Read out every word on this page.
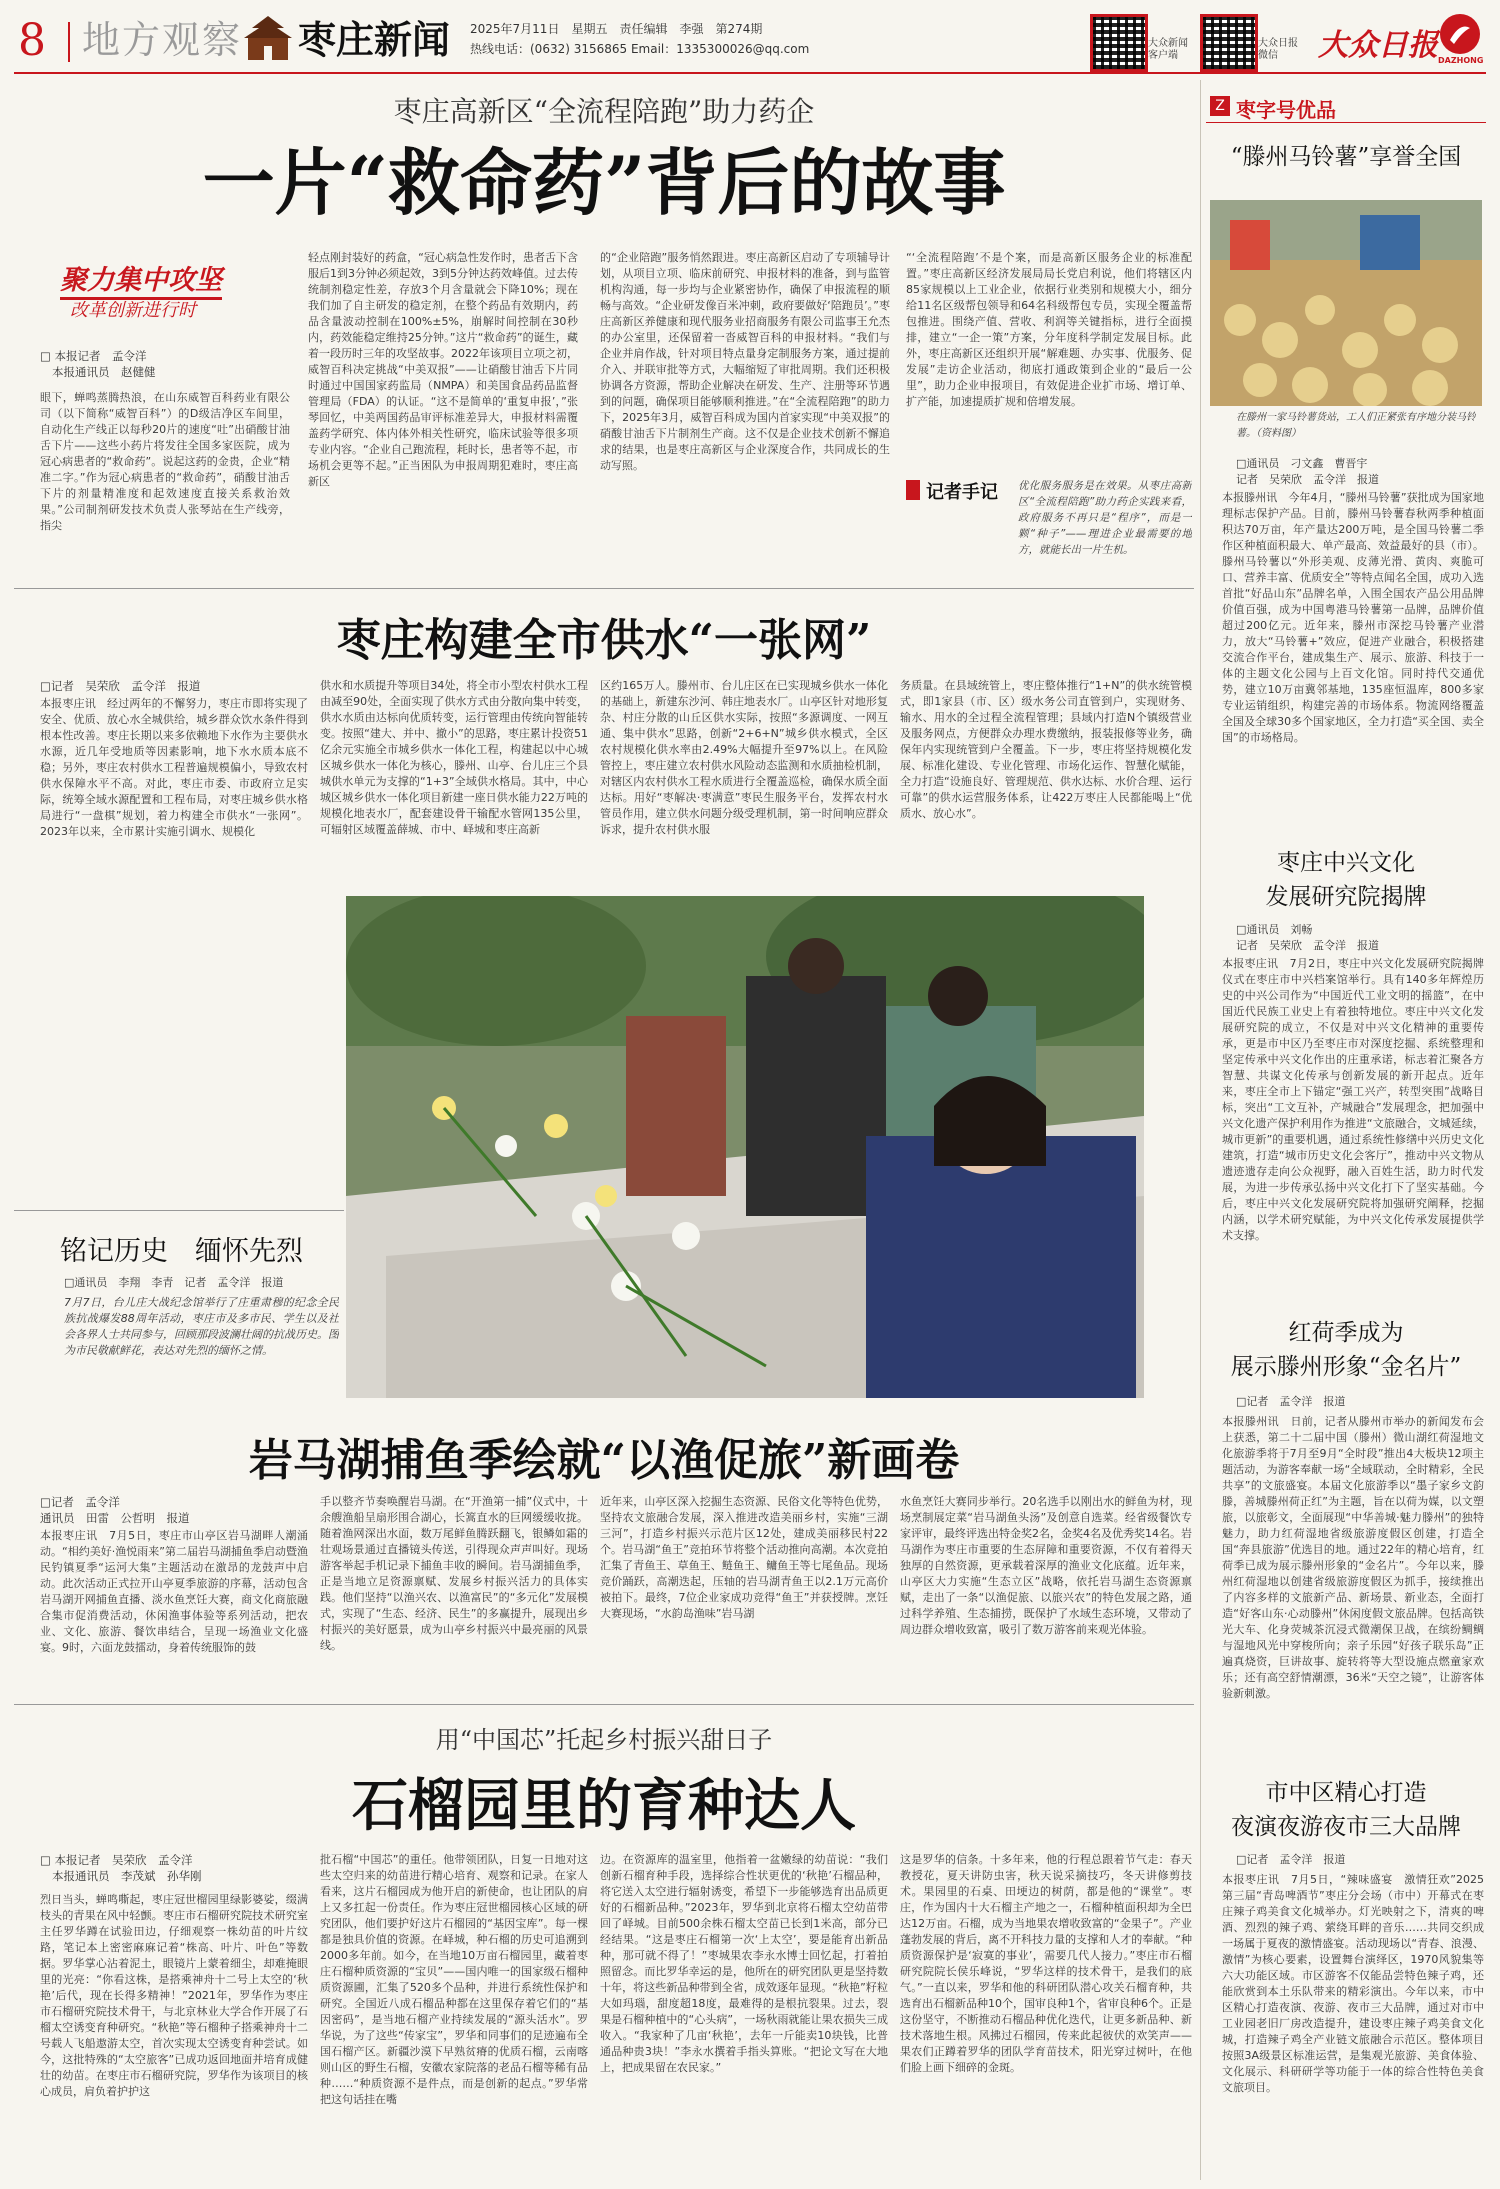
8 地方观察 枣庄新闻 2025年7月11日　星期五　责任编辑　李强　第274期
热线电话：(0632) 3156865 Email：1335300026@qq.com	大众新闻客户端
大众日报微信	大众日报 DAZHONG
枣庄高新区“全流程陪跑”助力药企
一片“救命药”背后的故事
聚力集中攻坚
改革创新进行时
□ 本报记者　孟令洋
本报通讯员　赵健健
眼下，蝉鸣蒸腾热浪，在山东威智百科药业有限公司（以下简称“威智百科”）的D级洁净区车间里，自动化生产线正以每秒20片的速度“吐”出硝酸甘油舌下片——这些小药片将发往全国多家医院，成为冠心病患者的“救命药”。说起这药的金贵，企业“精准二字。”作为冠心病患者的“救命药”，硝酸甘油舌下片的剂量精准度和起效速度直接关系救治效果。”公司制剂研发技术负责人张琴站在生产线旁，指尖
轻点刚封装好的药盒，“冠心病急性发作时，患者舌下含服后1到3分钟必须起效，3到5分钟达药效峰值。过去传统制剂稳定性差，存放3个月含量就会下降10%；现在我们加了自主研发的稳定剂，在整个药品有效期内，药品含量波动控制在100%±5%，崩解时间控制在30秒内，药效能稳定维持25分钟。”这片“救命药”的诞生，藏着一段历时三年的攻坚故事。2022年该项目立项之初，威智百科决定挑战“中美双报”——让硝酸甘油舌下片同时通过中国国家药监局（NMPA）和美国食品药品监督管理局（FDA）的认证。“这不是简单的‘重复申报’，”张琴回忆，中美两国药品审评标准差异大，申报材料需覆盖药学研究、体内体外相关性研究，临床试验等很多项专业内容。“企业自己跑流程，耗时长，患者等不起，市场机会更等不起。”正当困队为申报周期犯难时，枣庄高新区
的“企业陪跑”服务悄然跟进。枣庄高新区启动了专项辅导计划，从项目立项、临床前研究、申报材料的准备，到与监管机构沟通，每一步均与企业紧密协作，确保了申报流程的顺畅与高效。“企业研发像百米冲刺，政府要做好‘陪跑员’。”枣庄高新区养健康和现代服务业招商服务有限公司监事王允杰的办公室里，还保留着一沓威智百科的申报材料。“我们与企业并肩作战，针对项目特点量身定制服务方案，通过提前介入、并联审批等方式，大幅缩短了审批周期。我们还积极协调各方资源，帮助企业解决在研发、生产、注册等环节遇到的问题，确保项目能够顺利推进。”在“全流程陪跑”的助力下，2025年3月，威智百科成为国内首家实现“中美双报”的硝酸甘油舌下片制剂生产商。这不仅是企业技术创新不懈追求的结果，也是枣庄高新区与企业深度合作，共同成长的生动写照。
“‘全流程陪跑’不是个案，而是高新区服务企业的标准配置。”枣庄高新区经济发展局局长党启利说，他们将辖区内85家规模以上工业企业，依据行业类别和规模大小，细分给11名区级帮包领导和64名科级帮包专员，实现全覆盖帮包推进。围绕产值、营收、利润等关键指标，进行全面摸排，建立“一企一策”方案，分年度科学制定发展目标。此外，枣庄高新区还组织开展“解难题、办实事、优服务、促发展”走访企业活动，彻底打通政策到企业的“最后一公里”，助力企业申报项目，有效促进企业扩市场、增订单、扩产能，加速提质扩规和倍增发展。
记者手记 优化服务服务是在效果。从枣庄高新区“全流程陪跑”助力药企实践来看，政府服务不再只是“程序”，而是一颗“种子”——理进企业最需要的地方，就能长出一片生机。
枣庄构建全市供水“一张网”
□记者　吴荣欣　孟令洋　报道
本报枣庄讯　经过两年的不懈努力，枣庄市即将实现了安全、优质、放心水全城供给，城乡群众饮水条件得到根本性改善。枣庄长期以来多依赖地下水作为主要供水水源，近几年受地质等因素影响，地下水水质本底不稳；另外，枣庄农村供水工程普遍规模偏小，导致农村供水保障水平不高。对此，枣庄市委、市政府立足实际，统筹全域水源配置和工程布局，对枣庄城乡供水格局进行“一盘棋”规划，着力构建全市供水“一张网”。2023年以来，全市累计实施引调水、规模化
供水和水质提升等项目34处，将全市小型农村供水工程由减至90处，全面实现了供水方式由分散向集中转变，供水水质由达标向优质转变，运行管理由传统向智能转变。按照“建大、并中、撤小”的思路，枣庄累计投资51亿余元实施全市城乡供水一体化工程，构建起以中心城区城乡供水一体化为核心，滕州、山亭、台儿庄三个县城供水单元为支撑的“1+3”全域供水格局。其中，中心城区城乡供水一体化项目新建一座日供水能力22万吨的规模化地表水厂，配套建设骨干输配水管网135公里，可辐射区域覆盖薛城、市中、峄城和枣庄高新
区约165万人。滕州市、台儿庄区在已实现城乡供水一体化的基础上，新建东沙河、韩庄地表水厂。山亭区针对地形复杂、村庄分散的山丘区供水实际，按照“多源调度、一网互通、集中供水”思路，创新“2+6+N”城乡供水模式，全区农村规模化供水率由2.49%大幅提升至97%以上。在风险管控上，枣庄建立农村供水风险动态监测和水质抽检机制，对辖区内农村供水工程水质进行全覆盖巡检，确保水质全面达标。用好“枣解决·枣满意”枣民生服务平台，发挥农村水管员作用，建立供水问题分级受理机制，第一时间响应群众诉求，提升农村供水服
务质量。在县域统管上，枣庄整体推行“1+N”的供水统管模式，即1家县（市、区）级水务公司直管到户，实现财务、输水、用水的全过程全流程管理；县域内打造N个镇级营业及服务网点，方便群众办理水费缴纳，报装报修等业务，确保年内实现统管到户全覆盖。下一步，枣庄将坚持规模化发展、标准化建设、专业化管理、市场化运作、智慧化赋能，全力打造“设施良好、管理规范、供水达标、水价合理、运行可靠”的供水运营服务体系，让422万枣庄人民都能喝上“优质水、放心水”。
铭记历史　缅怀先烈
□通讯员　李翔　李青　记者　孟令洋　报道
7月7日，台儿庄大战纪念馆举行了庄重肃穆的纪念全民族抗战爆发88周年活动，枣庄市及多市民、学生以及社会各界人士共同参与，回顾那段波澜壮阔的抗战历史。图为市民敬献鲜花，表达对先烈的缅怀之情。
岩马湖捕鱼季绘就“以渔促旅”新画卷
□记者　孟令洋
通讯员　田雷　公哲明　报道
本报枣庄讯　7月5日，枣庄市山亭区岩马湖畔人潮涌动。“相约美好·渔悦雨来”第二届岩马湖捕鱼季启动暨渔民钓镇夏季“运河大集”主题活动在激昂的龙鼓声中启动。此次活动正式拉开山亭夏季旅游的序幕，活动包含岩马湖开网捕鱼直播、淡水鱼烹饪大赛，商文化商旅融合集市促消费活动，休闲渔事体验等系列活动，把农业、文化、旅游、餐饮串结合，呈现一场渔业文化盛宴。9时，六面龙鼓擂动，身着传统服饰的鼓
手以整齐节奏唤醒岩马湖。在“开渔第一捕”仪式中，十余艘渔船呈扇形围合湖心，长篙直水的巨网缓缓收拢。随着渔网深出水面，数万尾鲜鱼腾跃翻飞，银鳞如霜的壮观场景通过直播镜头传送，引得现众声声叫好。现场游客举起手机记录下捕鱼丰收的瞬间。岩马湖捕鱼季，正是当地立足资源禀赋、发展乡村振兴活力的具体实践。他们坚持“以渔兴农、以渔富民”的“多元化”发展模式，实现了“生态、经济、民生”的多赢提升，展现出乡村振兴的美好愿景，成为山亭乡村振兴中最亮丽的风景线。
近年来，山亭区深入挖掘生态资源、民俗文化等特色优势，坚持农文旅融合发展，深入推进改造美丽乡村，实施“三湖三河”，打造乡村振兴示范片区12处，建成美丽移民村22个。岩马湖“鱼王”竞拍环节将整个活动推向高潮。本次竞拍汇集了青鱼王、草鱼王、鲢鱼王、鳙鱼王等七尾鱼品。现场竞价踊跃，高潮迭起，压轴的岩马湖青鱼王以2.1万元高价被拍下。最终，7位企业家成功竞得“鱼王”并获授牌。烹饪大赛现场，“水韵岛渔味”岩马湖
水鱼烹饪大赛同步举行。20名选手以刚出水的鲜鱼为材，现场烹制展定菜“岩马湖鱼头汤”及创意自选菜。经省级餐饮专家评审，最终评选出特金奖2名，金奖4名及优秀奖14名。岩马湖作为枣庄市重要的生态屏障和重要资源，不仅有着得天独厚的自然资源，更承载着深厚的渔业文化底蕴。近年来，山亭区大力实施“生态立区”战略，依托岩马湖生态资源禀赋，走出了一条“以渔促旅、以旅兴农”的特色发展之路，通过科学养殖、生态捕捞，既保护了水域生态环境，又带动了周边群众增收致富，吸引了数万游客前来观光体验。
用“中国芯”托起乡村振兴甜日子
石榴园里的育种达人
□ 本报记者　吴荣欣　孟令洋
本报通讯员　李茂斌　孙华刚
烈日当头，蝉鸣嘶起，枣庄冠世榴园里绿影婆娑，缀满枝头的青果在风中轻颤。枣庄市石榴研究院技术研究室主任罗华蹲在试验田边，仔细观察一株幼苗的叶片纹路，笔记本上密密麻麻记着“株高、叶片、叶色”等数据。罗华掌心沾着泥土，眼镜片上蒙着细尘，却难掩眼里的光亮：“你看这株，是搭乘神舟十二号上太空的‘秋艳’后代，现在长得多精神！”2021年，罗华作为枣庄市石榴研究院技术骨干，与北京林业大学合作开展了石榴太空诱变育种研究。“秋艳”等石榴种子搭乘神舟十二号载人飞船遨游太空，首次实现太空诱变育种尝试。如今，这批特殊的“太空旅客”已成功返回地面并培育成健壮的幼苗。在枣庄市石榴研究院，罗华作为该项目的核心成员，肩负着护护这
批石榴“中国芯”的重任。他带领团队，日复一日地对这些太空归来的幼苗进行精心培育、观察和记录。在家人看来，这片石榴园成为他开启的新使命，也让团队的肩上又多扛起一份责任。作为枣庄冠世榴园核心区域的研究团队，他们要护好这片石榴园的“基因宝库”。每一棵都是独具价值的资源。在峄城，种石榴的历史可追溯到2000多年前。如今，在当地10万亩石榴园里，藏着枣庄石榴种质资源的“宝贝”——国内唯一的国家级石榴种质资源圃，汇集了520多个品种，并进行系统性保护和研究。全国近八成石榴品种都在这里保存着它们的“基因密码”，是当地石榴产业持续发展的“源头活水”。罗华说，为了这些“传家宝”，罗华和同事们的足迹遍布全国石榴产区。新疆沙漠下早熟贫瘠的优质石榴，云南喀则山区的野生石榴，安徽农家院落的老品石榴等稀有品种……“种质资源不是件点，而是创新的起点。”罗华常把这句话挂在嘴
边。在资源库的温室里，他指着一盆嫩绿的幼苗说：“我们创新石榴育种手段，选择综合性状更优的‘秋艳’石榴品种，将它送入太空进行辐射诱变，希望下一步能够选育出品质更好的石榴新品种。”2023年，罗华到北京将石榴太空幼苗带回了峄城。目前500余株石榴太空苗已长到1米高，部分已经结果。“这是枣庄石榴第一次‘上太空’，要是能育出新品种，那可就不得了！”枣城果农李永水博士回忆起，打着拍照留念。而比罗华幸运的是，他所在的研究团队更是坚持数十年，将这些新品种带到全省，成效逐年显现。“秋艳”籽粒大如玛瑙，甜度超18度，最难得的是根抗裂果。过去，裂果是石榴种植中的“心头病”，一场秋雨就能让果农损失三成收入。“我家种了几亩‘秋艳’，去年一斤能卖10块钱，比普通品种贵3块！”李永水撰着手指头算账。“把论文写在大地上，把成果留在农民家。”
这是罗华的信条。十多年来，他的行程总跟着节气走：春天教授花，夏天讲防虫害，秋天说采摘技巧，冬天讲修剪技术。果园里的石桌、田埂边的树荫，都是他的“课堂”。枣庄，作为国内十大石榴主产地之一，石榴种植面积却为全巴达12万亩。石榴，成为当地果农增收致富的“金果子”。产业蓬勃发展的背后，离不开科技力量的支撑和人才的奉献。“种质资源保护是‘寂寞的事业’，需要几代人接力。”枣庄市石榴研究院院长侯乐峰说，“罗华这样的技术骨干，是我们的底气。”一直以来，罗华和他的科研团队潜心攻关石榴育种，共选育出石榴新品种10个，国审良种1个，省审良种6个。正是这份坚守，不断推动石榴品种优化迭代，让更多新品种、新技术落地生根。风拂过石榴园，传来此起彼伏的欢笑声——果农们正蹲着罗华的团队学育苗技术，阳光穿过树叶，在他们脸上画下细碎的金斑。
Z 枣字号优品
“滕州马铃薯”享誉全国
在滕州一家马铃薯货站，工人们正紧张有序地分装马铃薯。（资料图）
□通讯员　刁文鑫　曹晋宇
记者　吴荣欣　孟令洋　报道
本报滕州讯　今年4月，“滕州马铃薯”获批成为国家地理标志保护产品。目前，滕州马铃薯春秋两季种植面积达70万亩，年产量达200万吨，是全国马铃薯二季作区种植面积最大、单产最高、效益最好的县（市）。滕州马铃薯以“外形美观、皮薄光滑、黄肉、爽脆可口、营养丰富、优质安全”等特点闻名全国，成功入选首批“好品山东”品牌名单，入围全国农产品公用品牌价值百强，成为中国粤港马铃薯第一品牌，品牌价值超过200亿元。近年来，滕州市深挖马铃薯产业潜力，放大“马铃薯+”效应，促进产业融合，积极搭建交流合作平台，建成集生产、展示、旅游、科技于一体的主题文化公园与上百文化馆。同时持代交通优势，建立10万亩冀邻基地，135座恒温库，800多家专业运销组织，构建完善的市场体系。物流网络覆盖全国及全球30多个国家地区，全力打造“买全国、卖全国”的市场格局。
枣庄中兴文化
发展研究院揭牌
□通讯员　刘畅
记者　吴荣欣　孟令洋　报道
本报枣庄讯　7月2日，枣庄中兴文化发展研究院揭牌仪式在枣庄市中兴档案馆举行。具有140多年辉煌历史的中兴公司作为“中国近代工业文明的摇篮”，在中国近代民族工业史上有着独特地位。枣庄中兴文化发展研究院的成立，不仅是对中兴文化精神的重要传承，更是市中区乃至枣庄市对深度挖掘、系统整理和坚定传承中兴文化作出的庄重承诺，标志着汇聚各方智慧、共谋文化传承与创新发展的新开起点。近年来，枣庄全市上下锚定“强工兴产，转型突围”战略目标，突出“工文互补，产城融合”发展理念，把加强中兴文化遗产保护利用作为推进“文旅融合，文城延续，城市更新”的重要机遇，通过系统性修缮中兴历史文化建筑，打造“城市历史文化会客厅”，推动中兴文物从遗迹遗存走向公众视野，融入百姓生活，助力时代发展，为进一步传承弘扬中兴文化打下了坚实基础。今后，枣庄中兴文化发展研究院将加强研究阐释，挖掘内涵，以学术研究赋能，为中兴文化传承发展提供学术支撑。
红荷季成为
展示滕州形象“金名片”
□记者　孟令洋　报道
本报滕州讯　日前，记者从滕州市举办的新闻发布会上获悉，第二十二届中国（滕州）微山湖红荷湿地文化旅游季将于7月至9月“全时段”推出4大板块12项主题活动，为游客奉献一场“全域联动，全时精彩，全民共享”的文旅盛宴。本届文化旅游季以“墨子家乡文韵滕，善城滕州荷正红”为主题，旨在以荷为媒，以文塑旅，以旅彰文，全面展现“中华善城·魅力滕州”的独特魅力，助力红荷湿地省级旅游度假区创建，打造全国“奔县旅游”优选目的地。通过22年的精心培育，红荷季已成为展示滕州形象的“金名片”。今年以来，滕州红荷湿地以创建省级旅游度假区为抓手，接续推出了内容多样的文旅新产品、新场景、新业态，全面打造“好客山东·心动滕州”休闲度假文旅品牌。包括高铁光大车、化身荧城茶沉浸式微潮保卫战，在缤纷鲷鲷与湿地风光中穿梭所向；亲子乐园“好孩子联乐岛”正遍真烧资，巨讲故事、旋转将等大型设施点燃童家欢乐；还有高空舒情潮漂，36米“天空之镜”，让游客体验新刺激。
市中区精心打造
夜演夜游夜市三大品牌
□记者　孟令洋　报道
本报枣庄讯　7月5日，“辣味盛宴　激情狂欢”2025第三届“青岛啤酒节”枣庄分会场（市中）开幕式在枣庄辣子鸡美食文化城举办。灯光映射之下，清爽的啤酒、烈烈的辣子鸡、萦绕耳畔的音乐……共同交织成一场属于夏夜的激情盛宴。活动现场以“青春、浪漫、激情”为核心要素，设置舞台演绎区，1970风貌集等六大功能区域。市区游客不仅能品尝特色辣子鸡，还能欣赏到本土乐队带来的精彩演出。今年以来，市中区精心打造夜演、夜游、夜市三大品牌，通过对市中工业园老旧厂房改造提升，建设枣庄辣子鸡美食文化城，打造辣子鸡全产业链文旅融合示范区。整体项目按照3A级景区标准运营，是集观光旅游、美食体验、文化展示、科研研学等功能于一体的综合性特色美食文旅项目。
